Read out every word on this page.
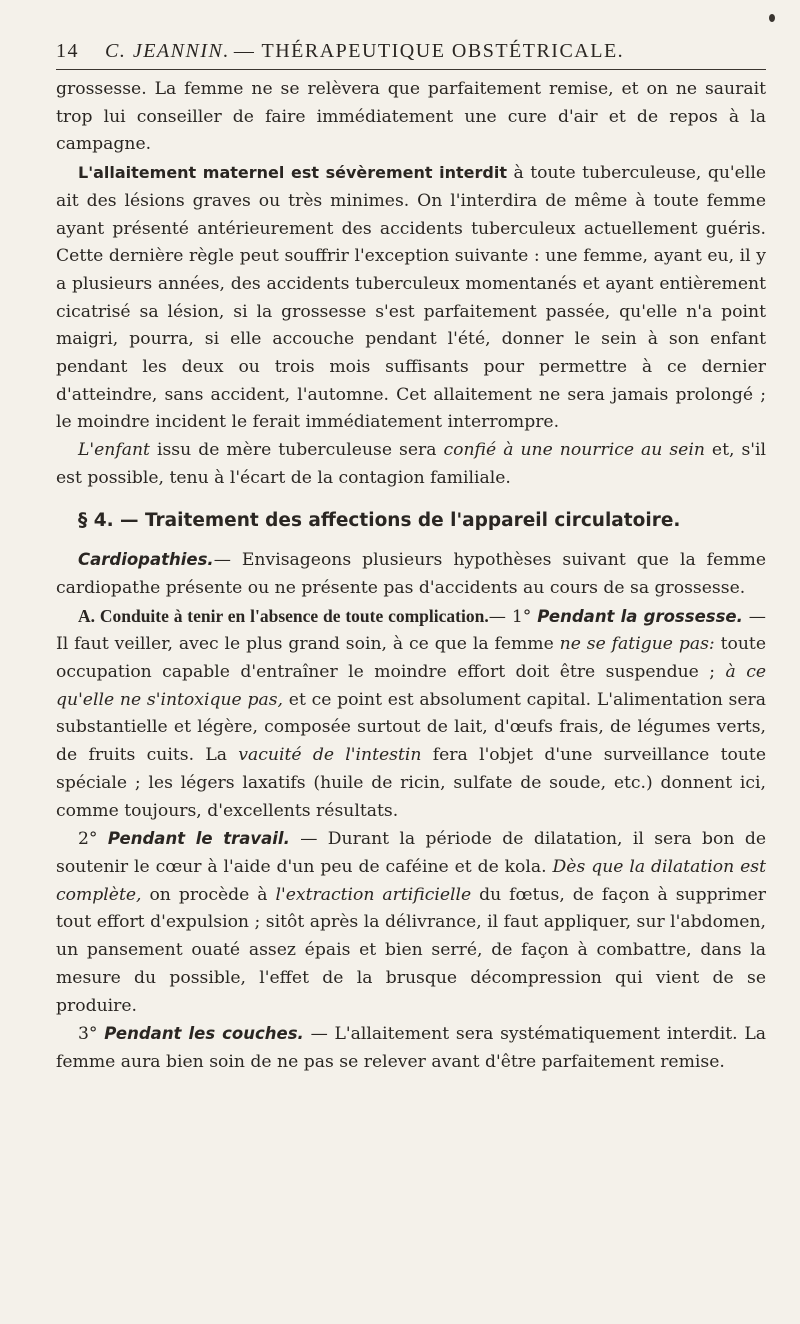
14 C. JEANNIN. — THÉRAPEUTIQUE OBSTÉTRICALE.

grossesse. La femme ne se relèvera que parfaitement remise, et on ne saurait trop lui conseiller de faire immédiatement une cure d'air et de repos à la campagne.

L'allaitement maternel est sévèrement interdit à toute tuberculeuse, qu'elle ait des lésions graves ou très minimes. On l'interdira de même à toute femme ayant présenté antérieurement des accidents tuberculeux actuellement guéris. Cette dernière règle peut souffrir l'exception suivante : une femme, ayant eu, il y a plusieurs années, des accidents tuberculeux momentanés et ayant entièrement cicatrisé sa lésion, si la grossesse s'est parfaitement passée, qu'elle n'a point maigri, pourra, si elle accouche pendant l'été, donner le sein à son enfant pendant les deux ou trois mois suffisants pour permettre à ce dernier d'atteindre, sans accident, l'automne. Cet allaitement ne sera jamais prolongé ; le moindre incident le ferait immédiatement interrompre.

L'enfant issu de mère tuberculeuse sera confié à une nourrice au sein et, s'il est possible, tenu à l'écart de la contagion familiale.

§ 4. — Traitement des affections de l'appareil circulatoire.

Cardiopathies.— Envisageons plusieurs hypothèses suivant que la femme cardiopathe présente ou ne présente pas d'accidents au cours de sa grossesse.

A. Conduite à tenir en l'absence de toute complication.— 1° Pendant la grossesse. — Il faut veiller, avec le plus grand soin, à ce que la femme ne se fatigue pas: toute occupation capable d'entraîner le moindre effort doit être suspendue ; à ce qu'elle ne s'intoxique pas, et ce point est absolument capital. L'alimentation sera substantielle et légère, composée surtout de lait, d'œufs frais, de légumes verts, de fruits cuits. La vacuité de l'intestin fera l'objet d'une surveillance toute spéciale ; les légers laxatifs (huile de ricin, sulfate de soude, etc.) donnent ici, comme toujours, d'excellents résultats.

2° Pendant le travail. — Durant la période de dilatation, il sera bon de soutenir le cœur à l'aide d'un peu de caféine et de kola. Dès que la dilatation est complète, on procède à l'extraction artificielle du fœtus, de façon à supprimer tout effort d'expulsion ; sitôt après la délivrance, il faut appliquer, sur l'abdomen, un pansement ouaté assez épais et bien serré, de façon à combattre, dans la mesure du possible, l'effet de la brusque décompression qui vient de se produire.

3° Pendant les couches. — L'allaitement sera systématiquement interdit. La femme aura bien soin de ne pas se relever avant d'être parfaitement remise.
